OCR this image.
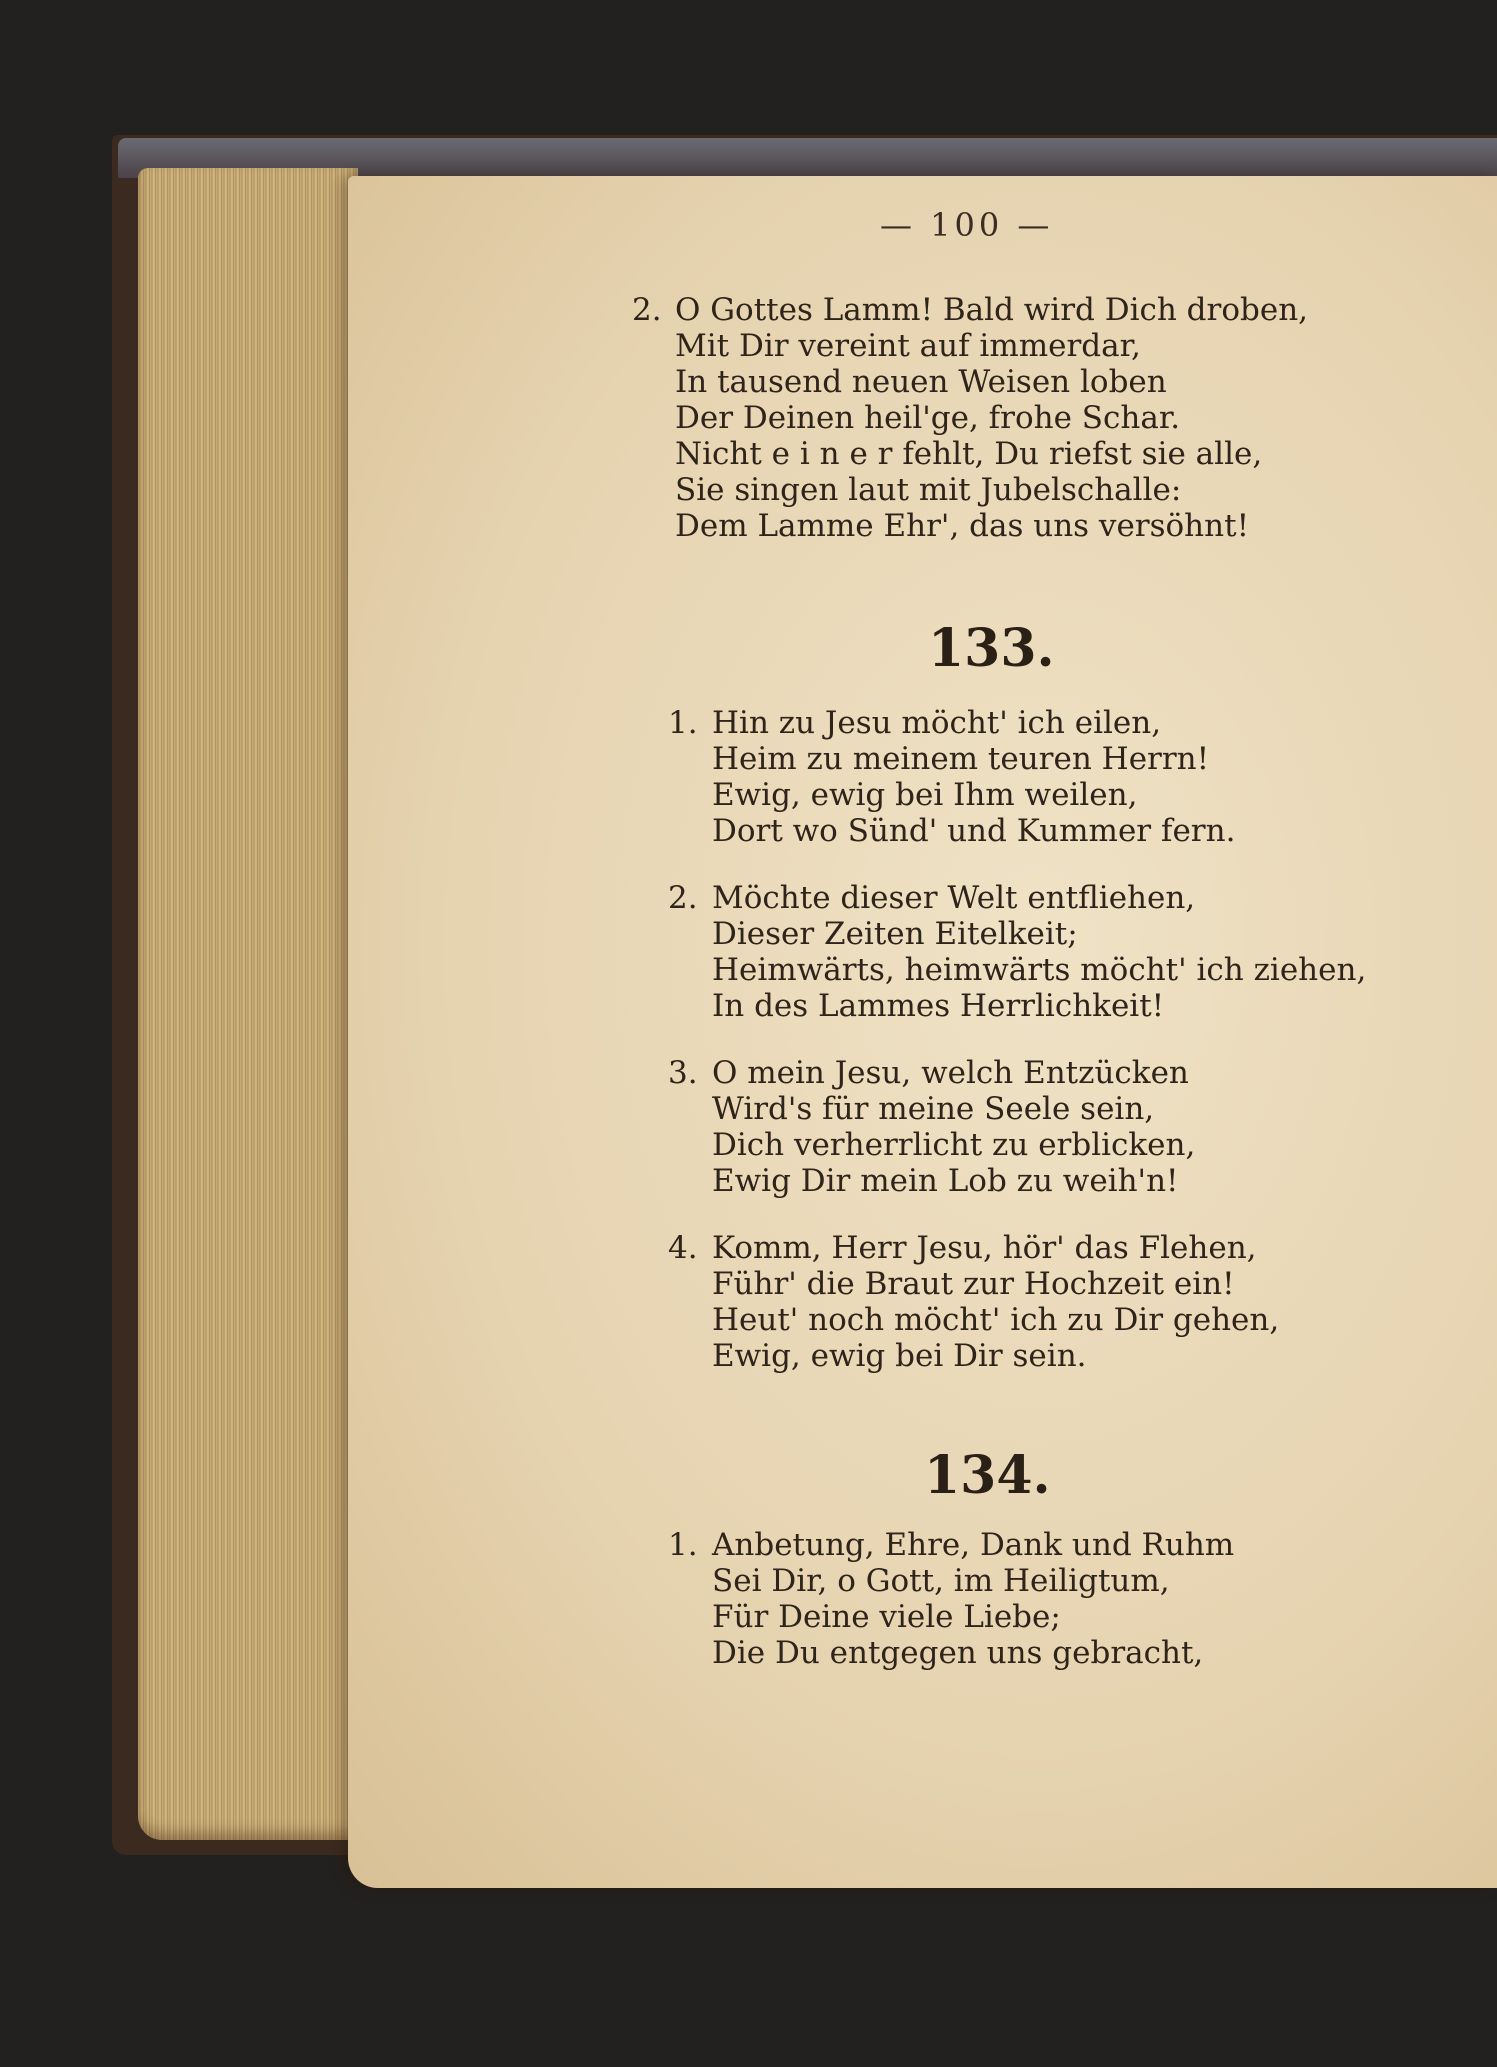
— 100 —
2. O Gottes Lamm! Bald wird Dich droben,
Mit Dir vereint auf immerdar,
In tausend neuen Weisen loben
Der Deinen heil'ge, frohe Schar.
Nicht e i n e r fehlt, Du riefst sie alle,
Sie singen laut mit Jubelschalle:
Dem Lamme Ehr', das uns versöhnt!
133.
1. Hin zu Jesu möcht' ich eilen,
Heim zu meinem teuren Herrn!
Ewig, ewig bei Ihm weilen,
Dort wo Sünd' und Kummer fern.
2. Möchte dieser Welt entfliehen,
Dieser Zeiten Eitelkeit;
Heimwärts, heimwärts möcht' ich ziehen,
In des Lammes Herrlichkeit!
3. O mein Jesu, welch Entzücken
Wird's für meine Seele sein,
Dich verherrlicht zu erblicken,
Ewig Dir mein Lob zu weih'n!
4. Komm, Herr Jesu, hör' das Flehen,
Führ' die Braut zur Hochzeit ein!
Heut' noch möcht' ich zu Dir gehen,
Ewig, ewig bei Dir sein.
134.
1. Anbetung, Ehre, Dank und Ruhm
Sei Dir, o Gott, im Heiligtum,
Für Deine viele Liebe;
Die Du entgegen uns gebracht,
